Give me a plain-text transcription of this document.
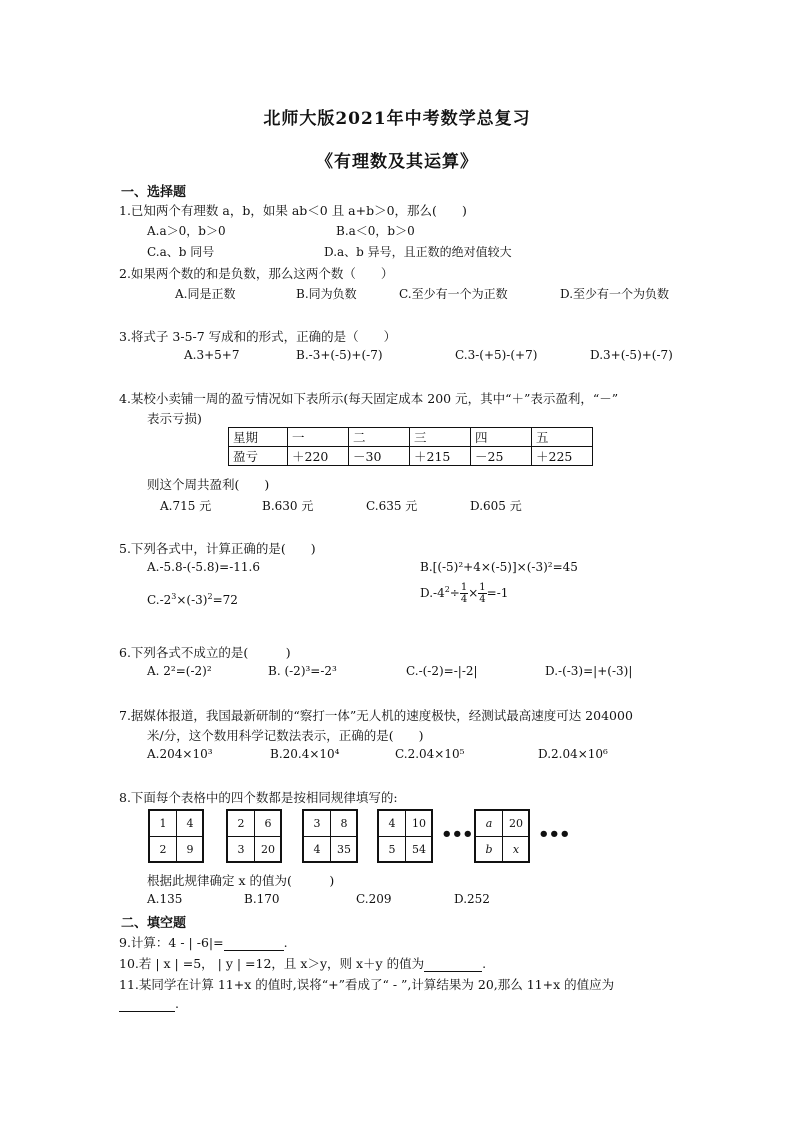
北师大版2021年中考数学总复习
《有理数及其运算》
一、选择题
1.已知两个有理数 a，b，如果 ab＜0 且 a+b＞0，那么(　　)
A.a＞0，b＞0	B.a＜0，b＞0
C.a、b 同号	D.a、b 异号，且正数的绝对值较大
2.如果两个数的和是负数，那么这两个数（　　）
A.同是正数	B.同为负数	C.至少有一个为正数	D.至少有一个为负数
3.将式子 3-5-7 写成和的形式，正确的是（　　）
A.3+5+7	B.-3+(-5)+(-7)	C.3-(+5)-(+7)	D.3+(-5)+(-7)
4.某校小卖铺一周的盈亏情况如下表所示(每天固定成本 200 元，其中“＋”表示盈利，“－”
表示亏损)
星期	一	二	三	四	五
盈亏	＋220	－30	＋215	－25	＋225
则这个周共盈利(　　)
A.715 元	B.630 元	C.635 元	D.605 元
5.下列各式中，计算正确的是(　　)
A.-5.8-(-5.8)=-11.6	B.[(-5)²+4×(-5)]×(-3)²=45
$C.-2^3\times(-3)^2=72$	$D.-4^2\div \frac{1}{4} \times \frac{1}{4} =-1$
6.下列各式不成立的是(　　　)
A. 2²=(-2)²	B. (-2)³=-2³	C.-(-2)=-|-2|	D.-(-3)=|+(-3)|
7.据媒体报道，我国最新研制的“察打一体”无人机的速度极快，经测试最高速度可达 204000
米/分，这个数用科学记数法表示，正确的是(　　)
A.204×10³	B.20.4×10⁴	C.2.04×10⁵	D.2.04×10⁶
8.下面每个表格中的四个数都是按相同规律填写的:
1	4
2	9
2	6
3	20
3	8
4	35
4	10
5	54
•••
a	20
b	x
•••
根据此规律确定 x 的值为(　　　)
A.135	B.170	C.209	D.252
二、填空题
9.计算：4 - | -6|=	.
10.若 | x | =5， | y | =12，且 x＞y，则 x＋y 的值为	.
11.某同学在计算 11+x 的值时,误将“+”看成了“ - ”,计算结果为 20,那么 11+x 的值应为
.
